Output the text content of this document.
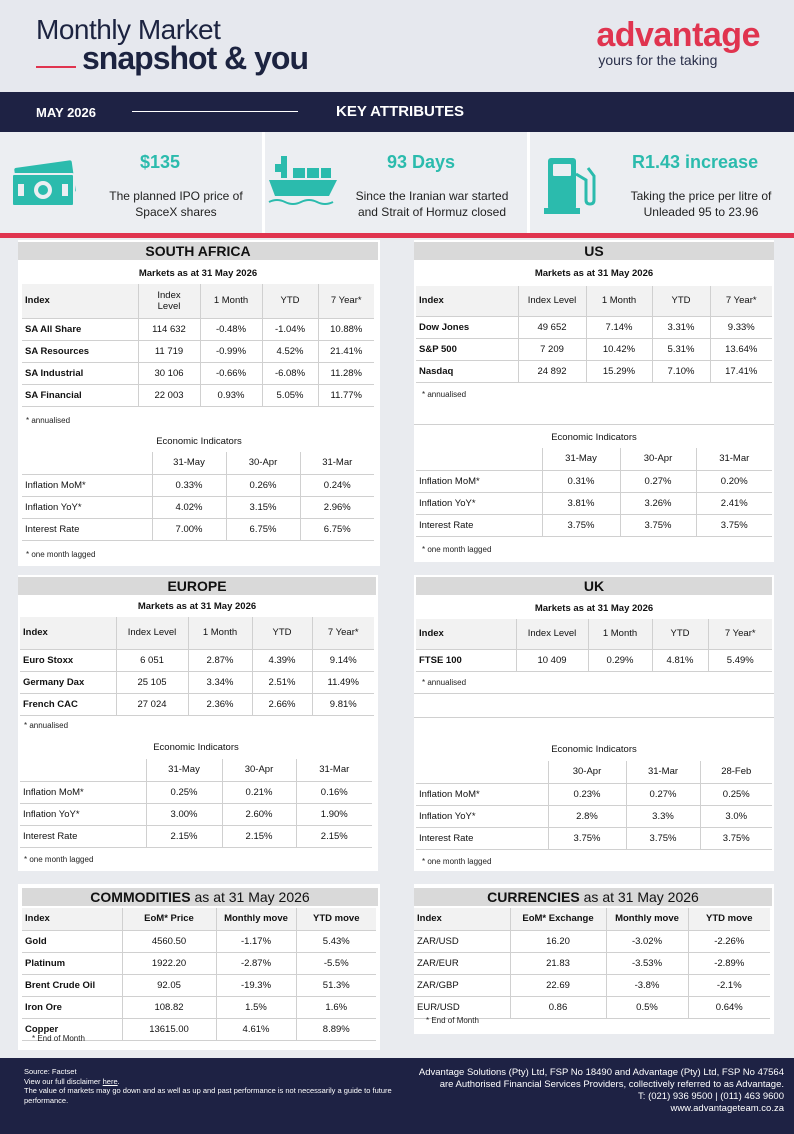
Monthly Market
snapshot & you
advantage
yours for the taking
MAY 2026	KEY ATTRIBUTES
$135
The planned IPO price of
SpaceX shares
93 Days
Since the Iranian war started
and Strait of Hormuz closed
R1.43 increase
Taking the price per litre of
Unleaded 95 to 23.96
SOUTH AFRICA
Markets as at 31 May 2026
Index	Index Level	1 Month	YTD	7 Year*
SA All Share	114 632	-0.48%	-1.04%	10.88%
SA Resources	11 719	-0.99%	4.52%	21.41%
SA Industrial	30 106	-0.66%	-6.08%	11.28%
SA Financial	22 003	0.93%	5.05%	11.77%
* annualised
Economic Indicators
	31-May	30-Apr	31-Mar
Inflation MoM*	0.33%	0.26%	0.24%
Inflation YoY*	4.02%	3.15%	2.96%
Interest Rate	7.00%	6.75%	6.75%
* one month lagged
US
Markets as at 31 May 2026
Index	Index Level	1 Month	YTD	7 Year*
Dow Jones	49 652	7.14%	3.31%	9.33%
S&P 500	7 209	10.42%	5.31%	13.64%
Nasdaq	24 892	15.29%	7.10%	17.41%
* annualised
Economic Indicators
	31-May	30-Apr	31-Mar
Inflation MoM*	0.31%	0.27%	0.20%
Inflation YoY*	3.81%	3.26%	2.41%
Interest Rate	3.75%	3.75%	3.75%
* one month lagged
EUROPE
Markets as at 31 May 2026
Index	Index Level	1 Month	YTD	7 Year*
Euro Stoxx	6 051	2.87%	4.39%	9.14%
Germany Dax	25 105	3.34%	2.51%	11.49%
French CAC	27 024	2.36%	2.66%	9.81%
* annualised
Economic Indicators
	31-May	30-Apr	31-Mar
Inflation MoM*	0.25%	0.21%	0.16%
Inflation YoY*	3.00%	2.60%	1.90%
Interest Rate	2.15%	2.15%	2.15%
* one month lagged
UK
Markets as at 31 May 2026
Index	Index Level	1 Month	YTD	7 Year*
FTSE 100	10 409	0.29%	4.81%	5.49%
* annualised
Economic Indicators
	30-Apr	31-Mar	28-Feb
Inflation MoM*	0.23%	0.27%	0.25%
Inflation YoY*	2.8%	3.3%	3.0%
Interest Rate	3.75%	3.75%	3.75%
* one month lagged
COMMODITIES as at 31 May 2026
Index	EoM* Price	Monthly move	YTD move
Gold	4560.50	-1.17%	5.43%
Platinum	1922.20	-2.87%	-5.5%
Brent Crude Oil	92.05	-19.3%	51.3%
Iron Ore	108.82	1.5%	1.6%
Copper	13615.00	4.61%	8.89%
* End of Month
CURRENCIES as at 31 May 2026
Index	EoM* Exchange	Monthly move	YTD move
ZAR/USD	16.20	-3.02%	-2.26%
ZAR/EUR	21.83	-3.53%	-2.89%
ZAR/GBP	22.69	-3.8%	-2.1%
EUR/USD	0.86	0.5%	0.64%
* End of Month
Source: Factset
View our full disclaimer here.
The value of markets may go down and as well as up and past performance is not necessarily a guide to future performance.
Advantage Solutions (Pty) Ltd, FSP No 18490 and Advantage (Pty) Ltd, FSP No 47564
are Authorised Financial Services Providers, collectively referred to as Advantage.
T: (021) 936 9500 | (011) 463 9600
www.advantageteam.co.za
